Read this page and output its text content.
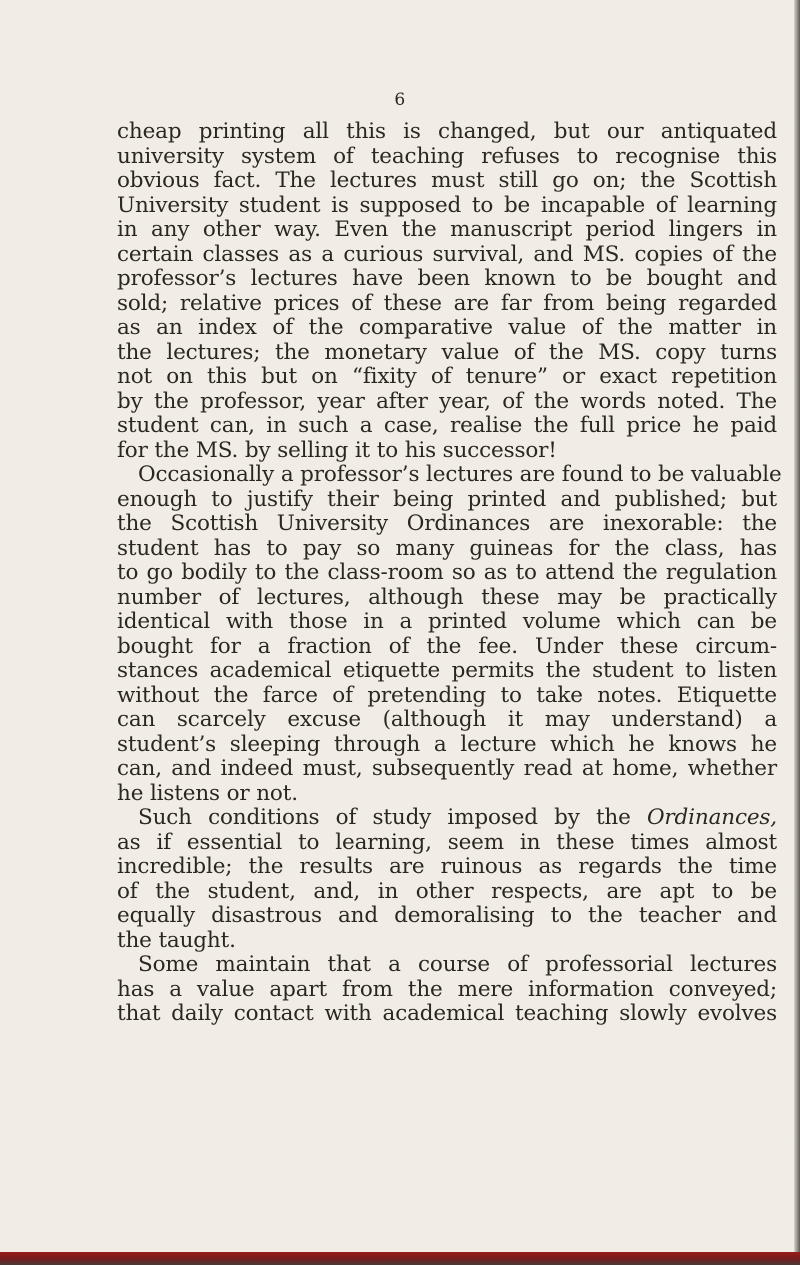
6
cheap printing all this is changed, but our antiquated
university system of teaching refuses to recognise this
obvious fact. The lectures must still go on; the Scottish
University student is supposed to be incapable of learning
in any other way. Even the manuscript period lingers in
certain classes as a curious survival, and MS. copies of the
professor’s lectures have been known to be bought and
sold; relative prices of these are far from being regarded
as an index of the comparative value of the matter in
the lectures; the monetary value of the MS. copy turns
not on this but on “fixity of tenure” or exact repetition
by the professor, year after year, of the words noted. The
student can, in such a case, realise the full price he paid
for the MS. by selling it to his successor!
Occasionally a professor’s lectures are found to be valuable
enough to justify their being printed and published; but
the Scottish University Ordinances are inexorable: the
student has to pay so many guineas for the class, has
to go bodily to the class-room so as to attend the regulation
number of lectures, although these may be practically
identical with those in a printed volume which can be
bought for a fraction of the fee. Under these circum-
stances academical etiquette permits the student to listen
without the farce of pretending to take notes. Etiquette
can scarcely excuse (although it may understand) a
student’s sleeping through a lecture which he knows he
can, and indeed must, subsequently read at home, whether
he listens or not.
Such conditions of study imposed by the Ordinances,
as if essential to learning, seem in these times almost
incredible; the results are ruinous as regards the time
of the student, and, in other respects, are apt to be
equally disastrous and demoralising to the teacher and
the taught.
Some maintain that a course of professorial lectures
has a value apart from the mere information conveyed;
that daily contact with academical teaching slowly evolves
